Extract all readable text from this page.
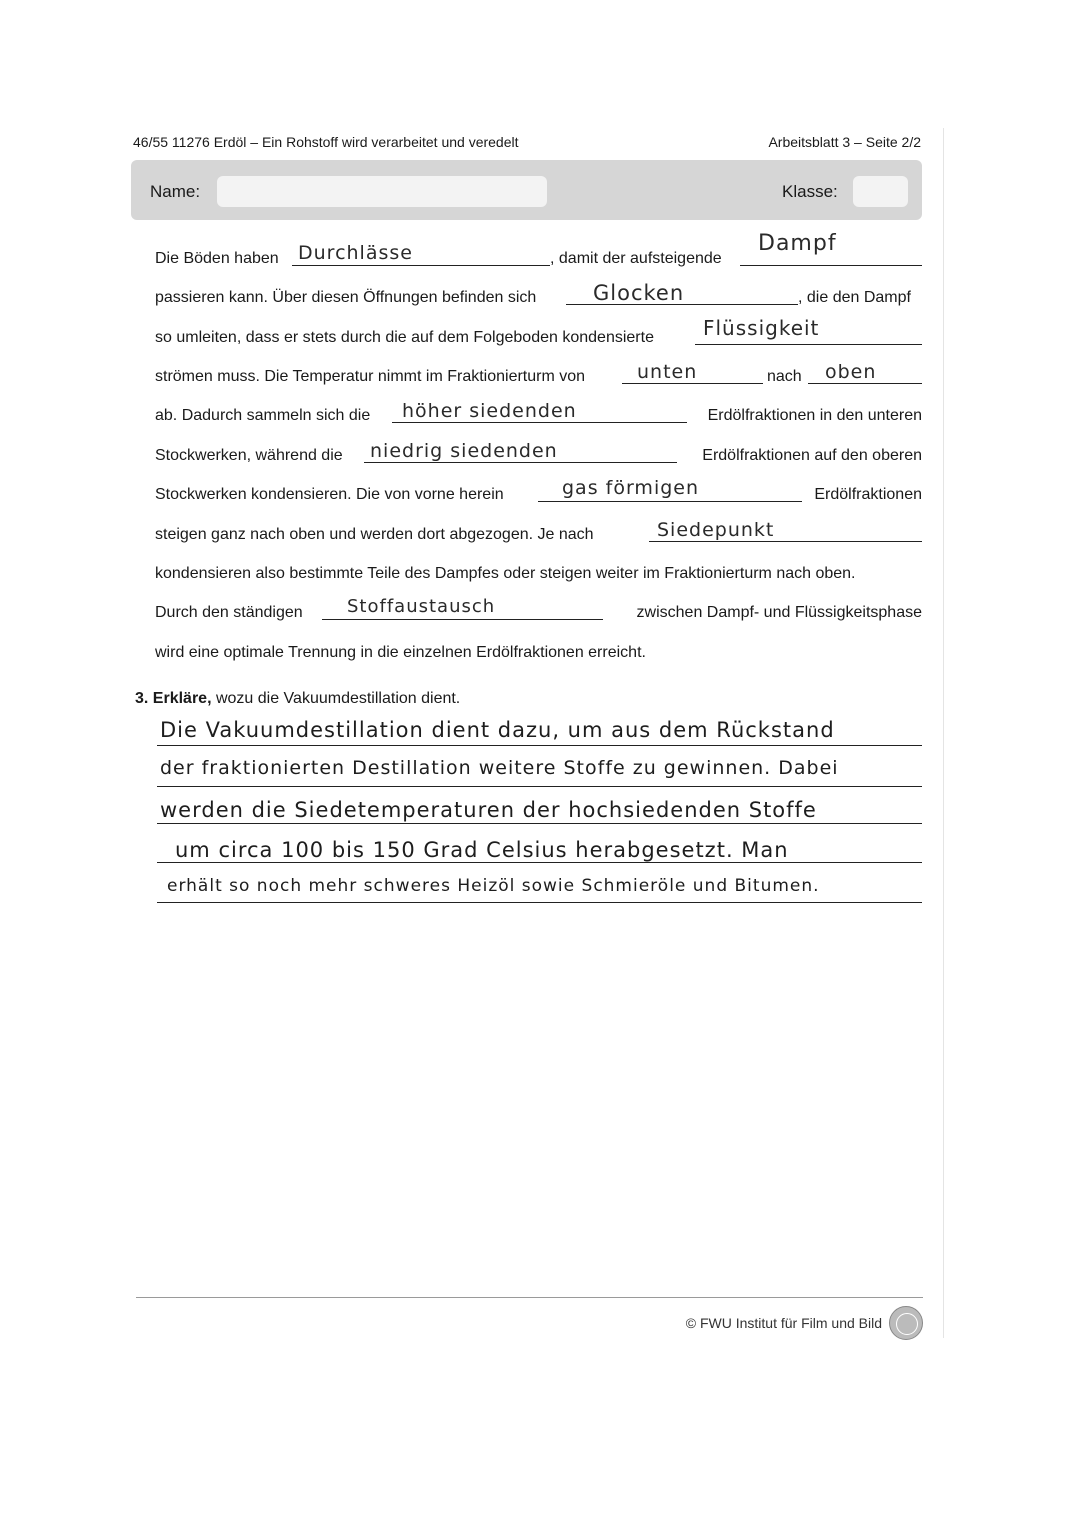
46/55 11276 Erdöl – Ein Rohstoff wird verarbeitet und veredelt	Arbeitsblatt 3 – Seite 2/2
Name:	Klasse:
Die Böden haben	, damit der aufsteigende
passieren kann. Über diesen Öffnungen befinden sich	, die den Dampf
so umleiten, dass er stets durch die auf dem Folgeboden kondensierte
strömen muss. Die Temperatur nimmt im Fraktionierturm von	nach
ab. Dadurch sammeln sich die	Erdölfraktionen in den unteren
Stockwerken, während die	Erdölfraktionen auf den oberen
Stockwerken kondensieren. Die von vorne herein	Erdölfraktionen
steigen ganz nach oben und werden dort abgezogen. Je nach
kondensieren also bestimmte Teile des Dampfes oder steigen weiter im Fraktionierturm nach oben.
Durch den ständigen	zwischen Dampf- und Flüssigkeitsphase
wird eine optimale Trennung in die einzelnen Erdölfraktionen erreicht.
Durchlässe	Dampf
Glocken
Flüssigkeit
unten	oben
höher siedenden
niedrig siedenden
gas förmigen
Siedepunkt
Stoffaustausch
3. Erkläre, wozu die Vakuumdestillation dient.
Die Vakuumdestillation dient dazu, um aus dem Rückstand
der fraktionierten Destillation weitere Stoffe zu gewinnen. Dabei
werden die Siedetemperaturen der hochsiedenden Stoffe
um circa 100 bis 150 Grad Celsius herabgesetzt. Man
erhält so noch mehr schweres Heizöl sowie Schmieröle und Bitumen.
© FWU Institut für Film und Bild
